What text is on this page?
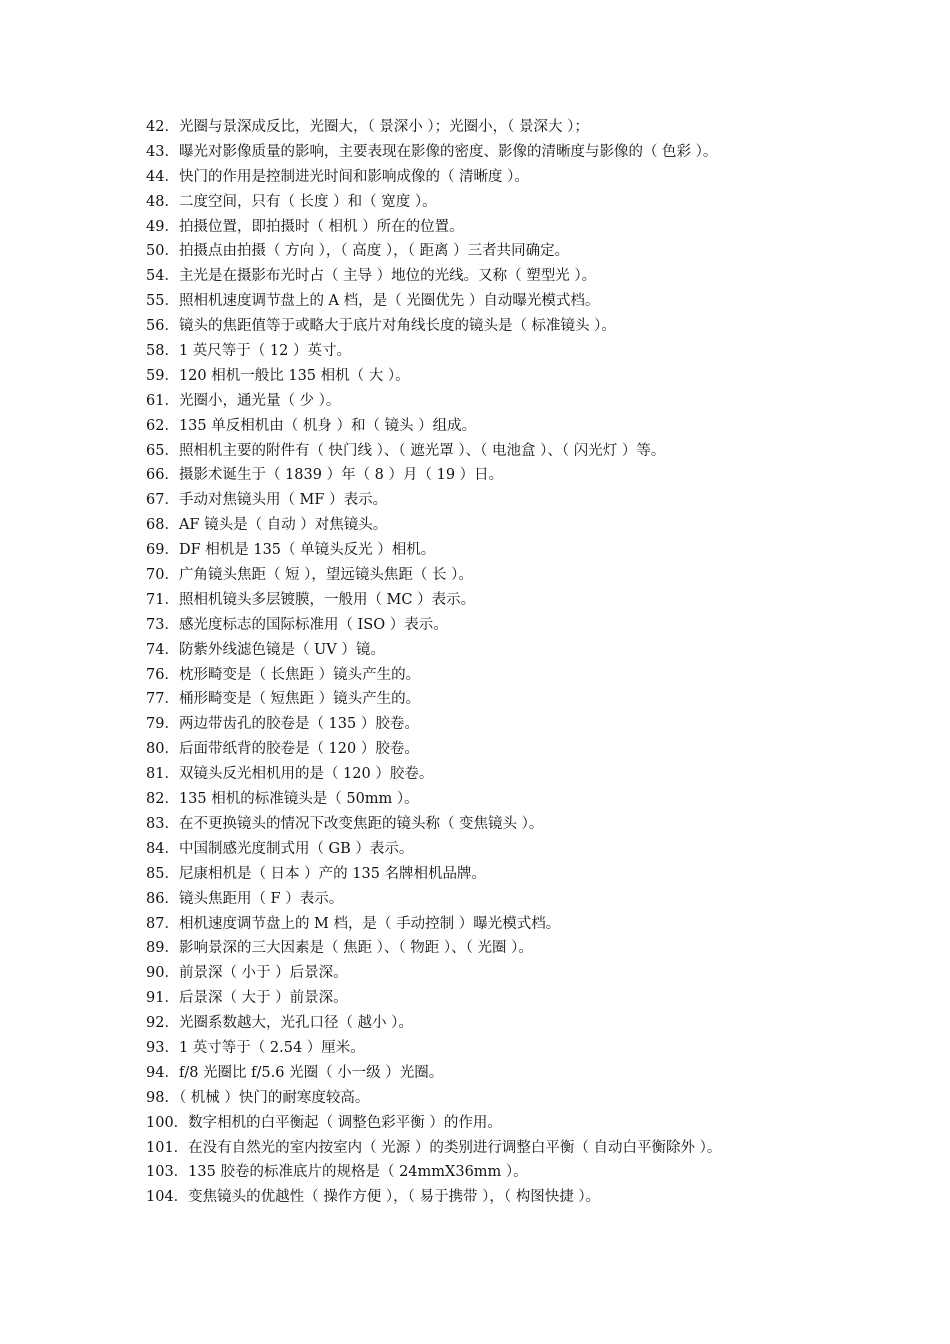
42．光圈与景深成反比，光圈大，（ 景深小 ）；光圈小，（ 景深大 ）；
43．曝光对影像质量的影响，主要表现在影像的密度、影像的清晰度与影像的（ 色彩 ）。
44．快门的作用是控制进光时间和影响成像的（ 清晰度 ）。
48．二度空间，只有（ 长度 ）和（ 宽度 ）。
49．拍摄位置，即拍摄时（ 相机 ）所在的位置。
50．拍摄点由拍摄（ 方向 ），（ 高度 ），（ 距离 ）三者共同确定。
54．主光是在摄影布光时占（ 主导 ）地位的光线。又称（ 塑型光 ）。
55．照相机速度调节盘上的 A 档，是（ 光圈优先 ）自动曝光模式档。
56．镜头的焦距值等于或略大于底片对角线长度的镜头是（ 标准镜头 ）。
58．1 英尺等于（ 12 ）英寸。
59．120 相机一般比 135 相机（ 大 ）。
61．光圈小，通光量（ 少 ）。
62．135 单反相机由（ 机身 ）和（ 镜头 ）组成。
65．照相机主要的附件有（ 快门线 ）、（ 遮光罩 ）、（ 电池盒 ）、（ 闪光灯 ）等。
66．摄影术诞生于（ 1839 ）年（ 8 ）月（ 19 ）日。
67．手动对焦镜头用（ MF ）表示。
68．AF 镜头是（ 自动 ）对焦镜头。
69．DF 相机是 135（ 单镜头反光 ）相机。
70．广角镜头焦距（ 短 ），望远镜头焦距（ 长 ）。
71．照相机镜头多层镀膜，一般用（ MC ）表示。
73．感光度标志的国际标准用（ ISO ）表示。
74．防紫外线滤色镜是（ UV ）镜。
76．枕形畸变是（ 长焦距 ）镜头产生的。
77．桶形畸变是（ 短焦距 ）镜头产生的。
79．两边带齿孔的胶卷是（ 135 ）胶卷。
80．后面带纸背的胶卷是（ 120 ）胶卷。
81．双镜头反光相机用的是（ 120 ）胶卷。
82．135 相机的标准镜头是（ 50mm ）。
83．在不更换镜头的情况下改变焦距的镜头称（ 变焦镜头 ）。
84．中国制感光度制式用（ GB ）表示。
85．尼康相机是（ 日本 ）产的 135 名牌相机品牌。
86．镜头焦距用（ F ）表示。
87．相机速度调节盘上的 M 档，是（ 手动控制 ）曝光模式档。
89．影响景深的三大因素是（ 焦距 ）、（ 物距 ）、（ 光圈 ）。
90．前景深（ 小于 ）后景深。
91．后景深（ 大于 ）前景深。
92．光圈系数越大，光孔口径（ 越小 ）。
93．1 英寸等于（ 2.54 ）厘米。
94．f/8 光圈比 f/5.6 光圈（ 小一级 ）光圈。
98．（ 机械 ）快门的耐寒度较高。
100．数字相机的白平衡起（ 调整色彩平衡 ）的作用。
101．在没有自然光的室内按室内（ 光源 ）的类别进行调整白平衡（ 自动白平衡除外 ）。
103．135 胶卷的标准底片的规格是（ 24mmX36mm ）。
104．变焦镜头的优越性（ 操作方便 ），（ 易于携带 ），（ 构图快捷 ）。
